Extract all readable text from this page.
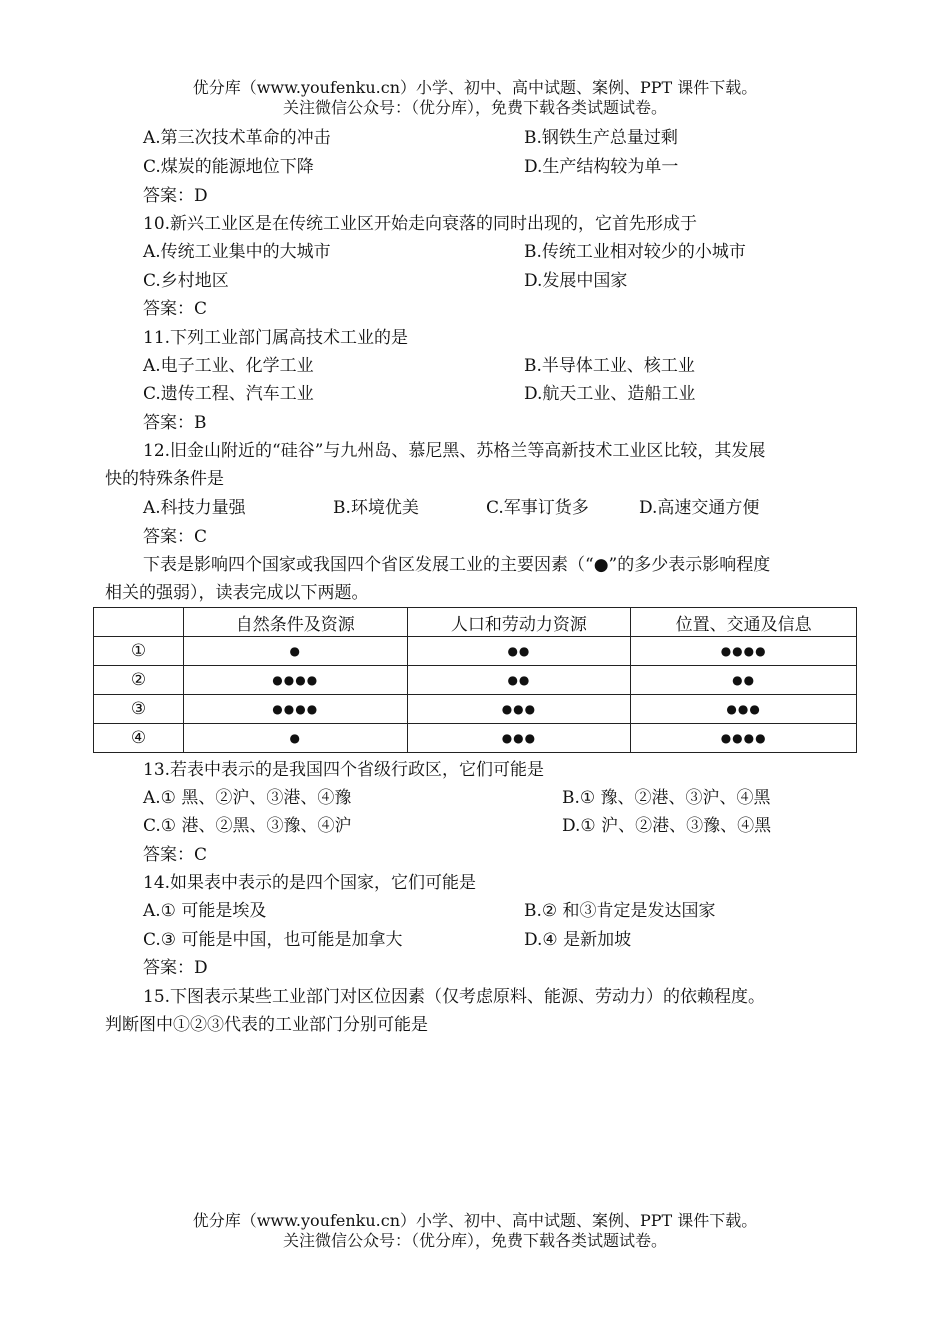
优分库（www.youfenku.cn）小学、初中、高中试题、案例、PPT 课件下载。
关注微信公众号：（优分库），免费下载各类试题试卷。
A.第三次技术革命的冲击	B.钢铁生产总量过剩
C.煤炭的能源地位下降	D.生产结构较为单一
答案：D
10.新兴工业区是在传统工业区开始走向衰落的同时出现的，它首先形成于
A.传统工业集中的大城市	B.传统工业相对较少的小城市
C.乡村地区	D.发展中国家
答案：C
11.下列工业部门属高技术工业的是
A.电子工业、化学工业	B.半导体工业、核工业
C.遗传工程、汽车工业	D.航天工业、造船工业
答案：B
12.旧金山附近的“硅谷”与九州岛、慕尼黑、苏格兰等高新技术工业区比较，其发展
快的特殊条件是
A.科技力量强	B.环境优美	C.军事订货多	D.高速交通方便
答案：C
下表是影响四个国家或我国四个省区发展工业的主要因素（“●”的多少表示影响程度
相关的强弱），读表完成以下两题。
	自然条件及资源	人口和劳动力资源	位置、交通及信息
①	●	●●	●●●●
②	●●●●	●●	●●
③	●●●●	●●●	●●●
④	●	●●●	●●●●
13.若表中表示的是我国四个省级行政区，它们可能是
A.① 黑、②沪、③港、④豫	B.① 豫、②港、③沪、④黑
C.① 港、②黑、③豫、④沪	D.① 沪、②港、③豫、④黑
答案：C
14.如果表中表示的是四个国家，它们可能是
A.① 可能是埃及	B.② 和③肯定是发达国家
C.③ 可能是中国，也可能是加拿大	D.④ 是新加坡
答案：D
15.下图表示某些工业部门对区位因素（仅考虑原料、能源、劳动力）的依赖程度。
判断图中①②③代表的工业部门分别可能是
优分库（www.youfenku.cn）小学、初中、高中试题、案例、PPT 课件下载。
关注微信公众号：（优分库），免费下载各类试题试卷。
